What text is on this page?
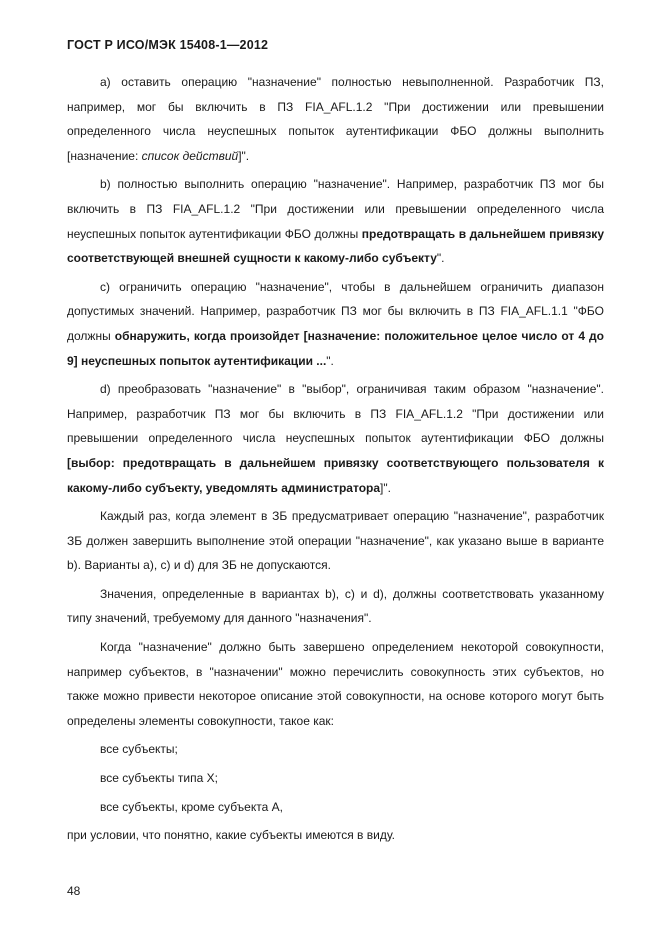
ГОСТ Р ИСО/МЭК 15408-1—2012

а) оставить операцию "назначение" полностью невыполненной. Разработчик ПЗ, например, мог бы включить в ПЗ FIA_AFL.1.2 "При достижении или превышении определенного числа неуспешных попыток аутентификации ФБО должны выполнить [назначение: список действий]".

b) полностью выполнить операцию "назначение". Например, разработчик ПЗ мог бы включить в ПЗ FIA_AFL.1.2 "При достижении или превышении определенного числа неуспешных попыток аутентификации ФБО должны предотвращать в дальнейшем привязку соответствующей внешней сущности к какому-либо субъекту".

с) ограничить операцию "назначение", чтобы в дальнейшем ограничить диапазон допустимых значений. Например, разработчик ПЗ мог бы включить в ПЗ FIA_AFL.1.1 "ФБО должны обнаружить, когда произойдет [назначение: положительное целое число от 4 до 9] неуспешных попыток аутентификации ...".

d) преобразовать "назначение" в "выбор", ограничивая таким образом "назначение". Например, разработчик ПЗ мог бы включить в ПЗ FIA_AFL.1.2 "При достижении или превышении определенного числа неуспешных попыток аутентификации ФБО должны [выбор: предотвращать в дальнейшем привязку соответствующего пользователя к какому-либо субъекту, уведомлять администратора]".

Каждый раз, когда элемент в ЗБ предусматривает операцию "назначение", разработчик ЗБ должен завершить выполнение этой операции "назначение", как указано выше в варианте b). Варианты а), с) и d) для ЗБ не допускаются.

Значения, определенные в вариантах b), с) и d), должны соответствовать указанному типу значений, требуемому для данного "назначения".

Когда "назначение" должно быть завершено определением некоторой совокупности, например субъектов, в "назначении" можно перечислить совокупность этих субъектов, но также можно привести некоторое описание этой совокупности, на основе которого могут быть определены элементы совокупности, такое как:

все субъекты;

все субъекты типа X;

все субъекты, кроме субъекта А,

при условии, что понятно, какие субъекты имеются в виду.

48
